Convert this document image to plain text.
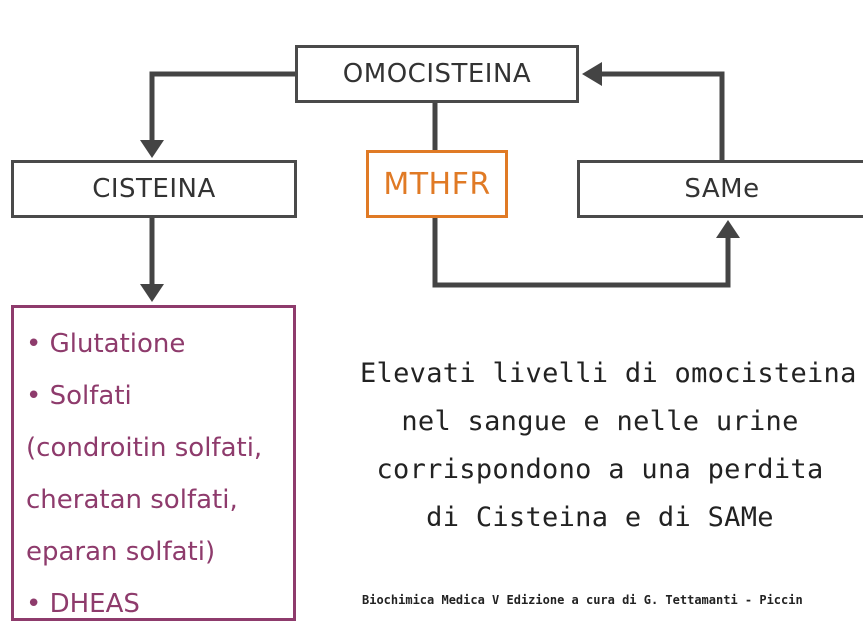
OMOCISTEINA
CISTEINA	MTHFR	SAMe
• Glutatione
• Solfati
(condroitin solfati,
cheratan solfati,
eparan solfati)
• DHEAS
Elevati livelli di omocisteina
nel sangue e nelle urine
corrispondono a una perdita
di Cisteina e di SAMe
Biochimica Medica V Edizione a cura di G. Tettamanti - Piccin
